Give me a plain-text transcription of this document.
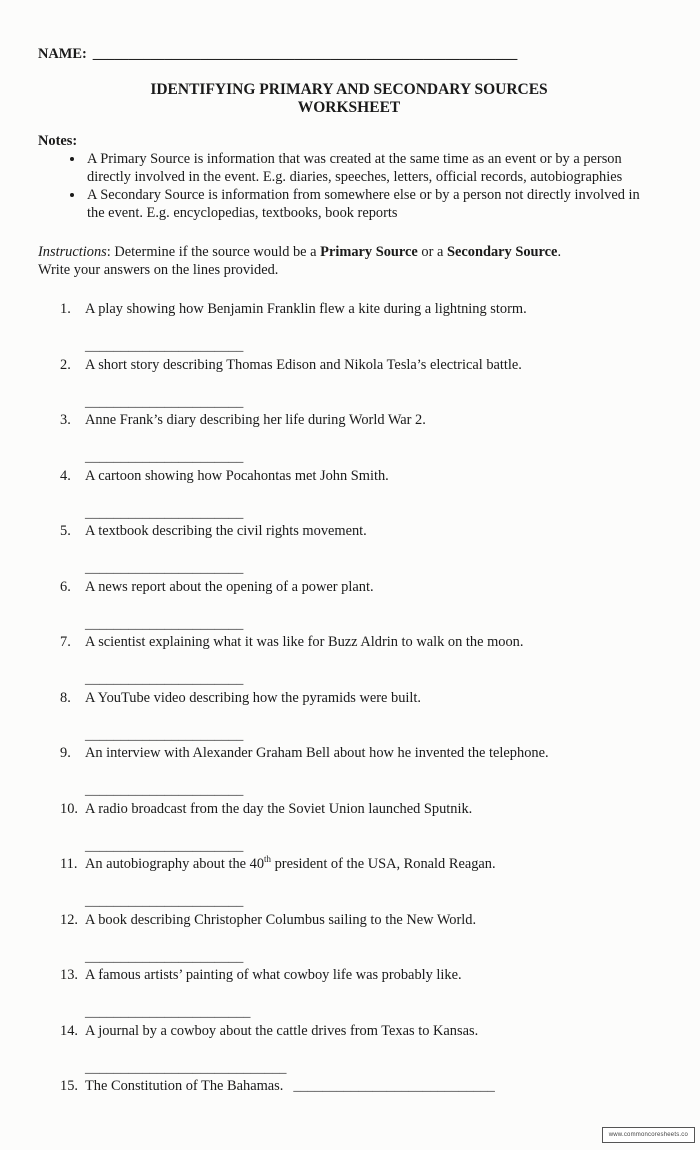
NAME: ___________________________________________________________
IDENTIFYING PRIMARY AND SECONDARY SOURCES
WORKSHEET
Notes:
• A Primary Source is information that was created at the same time as an event or by a person directly involved in the event. E.g. diaries, speeches, letters, official records, autobiographies
• A Secondary Source is information from somewhere else or by a person not directly involved in the event. E.g. encyclopedias, textbooks, book reports
Instructions: Determine if the source would be a Primary Source or a Secondary Source.
Write your answers on the lines provided.
1. A play showing how Benjamin Franklin flew a kite during a lightning storm.
______________________
2. A short story describing Thomas Edison and Nikola Tesla’s electrical battle.
______________________
3. Anne Frank’s diary describing her life during World War 2.
______________________
4. A cartoon showing how Pocahontas met John Smith.
______________________
5. A textbook describing the civil rights movement.
______________________
6. A news report about the opening of a power plant.
______________________
7. A scientist explaining what it was like for Buzz Aldrin to walk on the moon.
______________________
8. A YouTube video describing how the pyramids were built.
______________________
9. An interview with Alexander Graham Bell about how he invented the telephone.
______________________
10. A radio broadcast from the day the Soviet Union launched Sputnik.
______________________
11. An autobiography about the 40th president of the USA, Ronald Reagan.
______________________
12. A book describing Christopher Columbus sailing to the New World.
______________________
13. A famous artists’ painting of what cowboy life was probably like.
_______________________
14. A journal by a cowboy about the cattle drives from Texas to Kansas.
____________________________
15. The Constitution of The Bahamas. ____________________________
www.commoncoresheets.co
